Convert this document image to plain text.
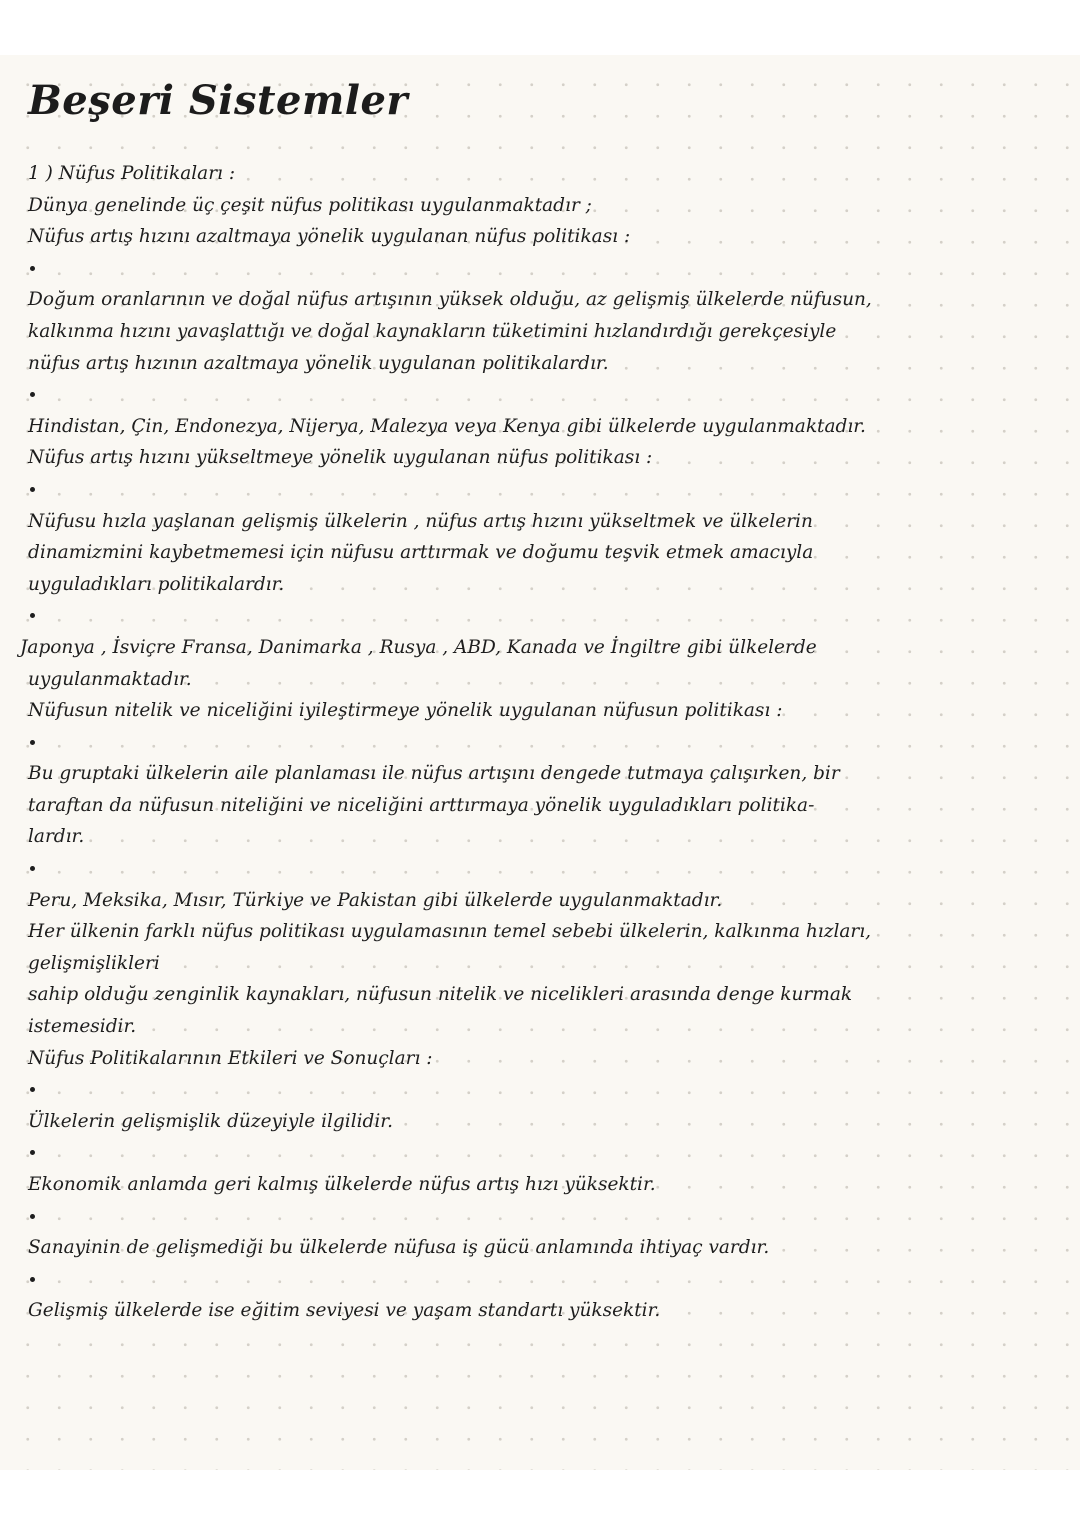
Beşeri Sistemler

1 ) Nüfus Politikaları :

Dünya genelinde üç çeşit nüfus politikası uygulanmaktadır ;

Nüfus artış hızını azaltmaya yönelik uygulanan nüfus politikası :

Doğum oranlarının ve doğal nüfus artışının yüksek olduğu, az gelişmiş ülkelerde nüfusun,

kalkınma hızını yavaşlattığı ve doğal kaynakların tüketimini hızlandırdığı gerekçesiyle

nüfus artış hızının azaltmaya yönelik uygulanan politikalardır.

Hindistan, Çin, Endonezya, Nijerya, Malezya veya Kenya gibi ülkelerde uygulanmaktadır.

Nüfus artış hızını yükseltmeye yönelik uygulanan nüfus politikası :

Nüfusu hızla yaşlanan gelişmiş ülkelerin , nüfus artış hızını yükseltmek ve ülkelerin

dinamizmini kaybetmemesi için nüfusu arttırmak ve doğumu teşvik etmek amacıyla

uyguladıkları politikalardır.

Japonya , İsviçre Fransa, Danimarka , Rusya , ABD, Kanada ve İngiltre gibi ülkelerde

uygulanmaktadır.

Nüfusun nitelik ve niceliğini iyileştirmeye yönelik uygulanan nüfusun politikası :

Bu gruptaki ülkelerin aile planlaması ile nüfus artışını dengede tutmaya çalışırken, bir

taraftan da nüfusun niteliğini ve niceliğini arttırmaya yönelik uyguladıkları politika-

lardır.

Peru, Meksika, Mısır, Türkiye ve Pakistan gibi ülkelerde uygulanmaktadır.

Her ülkenin farklı nüfus politikası uygulamasının temel sebebi ülkelerin, kalkınma hızları,

gelişmişlikleri

sahip olduğu zenginlik kaynakları, nüfusun nitelik ve nicelikleri arasında denge kurmak

istemesidir.

Nüfus Politikalarının Etkileri ve Sonuçları :

Ülkelerin gelişmişlik düzeyiyle ilgilidir.

Ekonomik anlamda geri kalmış ülkelerde nüfus artış hızı yüksektir.

Sanayinin de gelişmediği bu ülkelerde nüfusa iş gücü anlamında ihtiyaç vardır.

Gelişmiş ülkelerde ise eğitim seviyesi ve yaşam standartı yüksektir.
